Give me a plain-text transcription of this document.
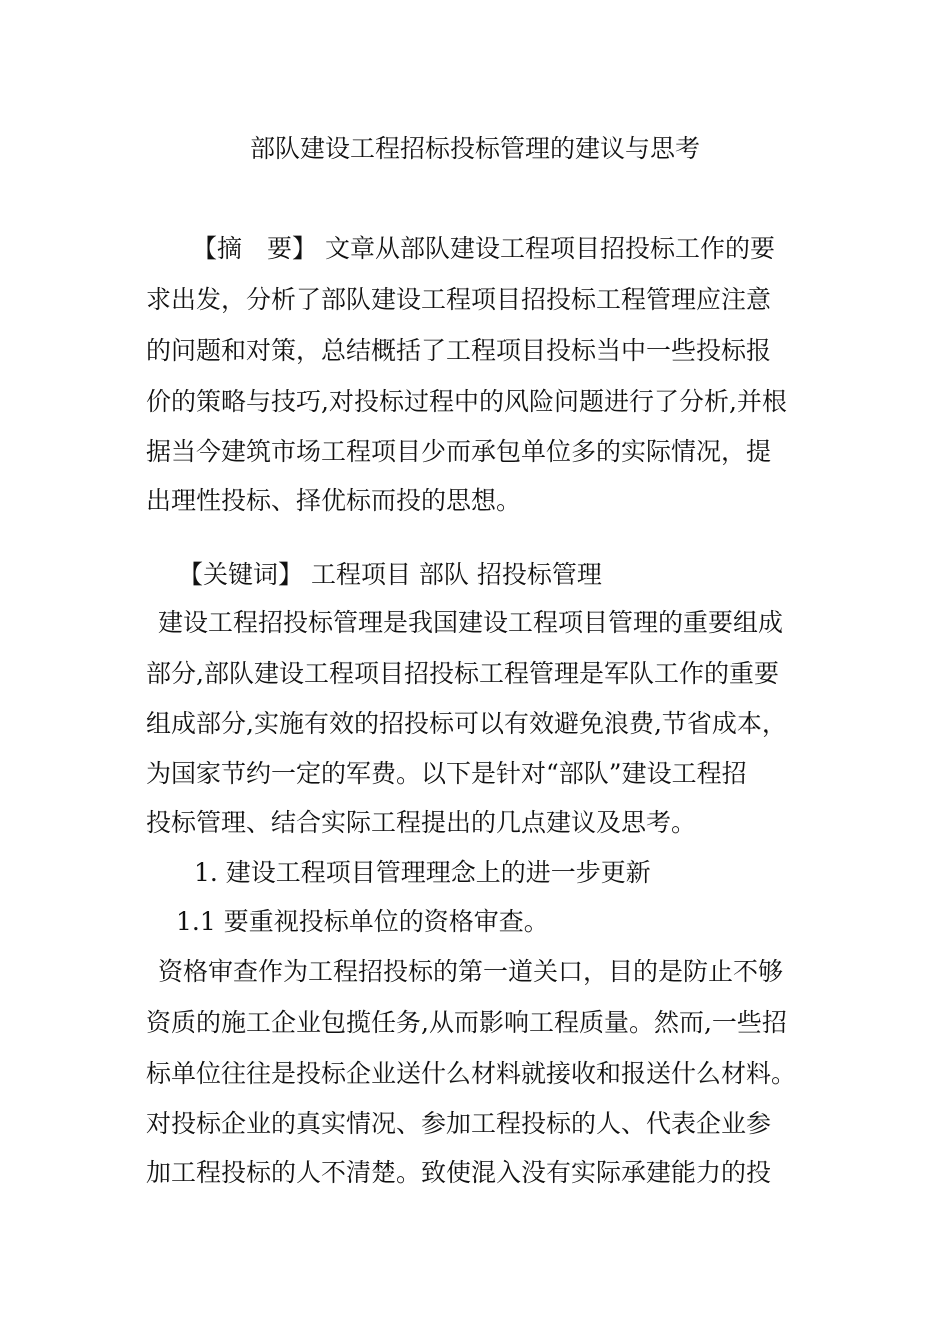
部队建设工程招标投标管理的建议与思考
【摘　要】 文章从部队建设工程项目招投标工作的要
求出发，分析了部队建设工程项目招投标工程管理应注意
的问题和对策，总结概括了工程项目投标当中一些投标报
价的策略与技巧,对投标过程中的风险问题进行了分析,并根
据当今建筑市场工程项目少而承包单位多的实际情况，提
出理性投标、择优标而投的思想。
【关键词】 工程项目 部队 招投标管理
建设工程招投标管理是我国建设工程项目管理的重要组成
部分,部队建设工程项目招投标工程管理是军队工作的重要
组成部分,实施有效的招投标可以有效避免浪费,节省成本，
为国家节约一定的军费。以下是针对“部队”建设工程招
投标管理、结合实际工程提出的几点建议及思考。
1. 建设工程项目管理理念上的进一步更新
1.1 要重视投标单位的资格审查。
资格审查作为工程招投标的第一道关口，目的是防止不够
资质的施工企业包揽任务,从而影响工程质量。然而,一些招
标单位往往是投标企业送什么材料就接收和报送什么材料。
对投标企业的真实情况、参加工程投标的人、代表企业参
加工程投标的人不清楚。致使混入没有实际承建能力的投
